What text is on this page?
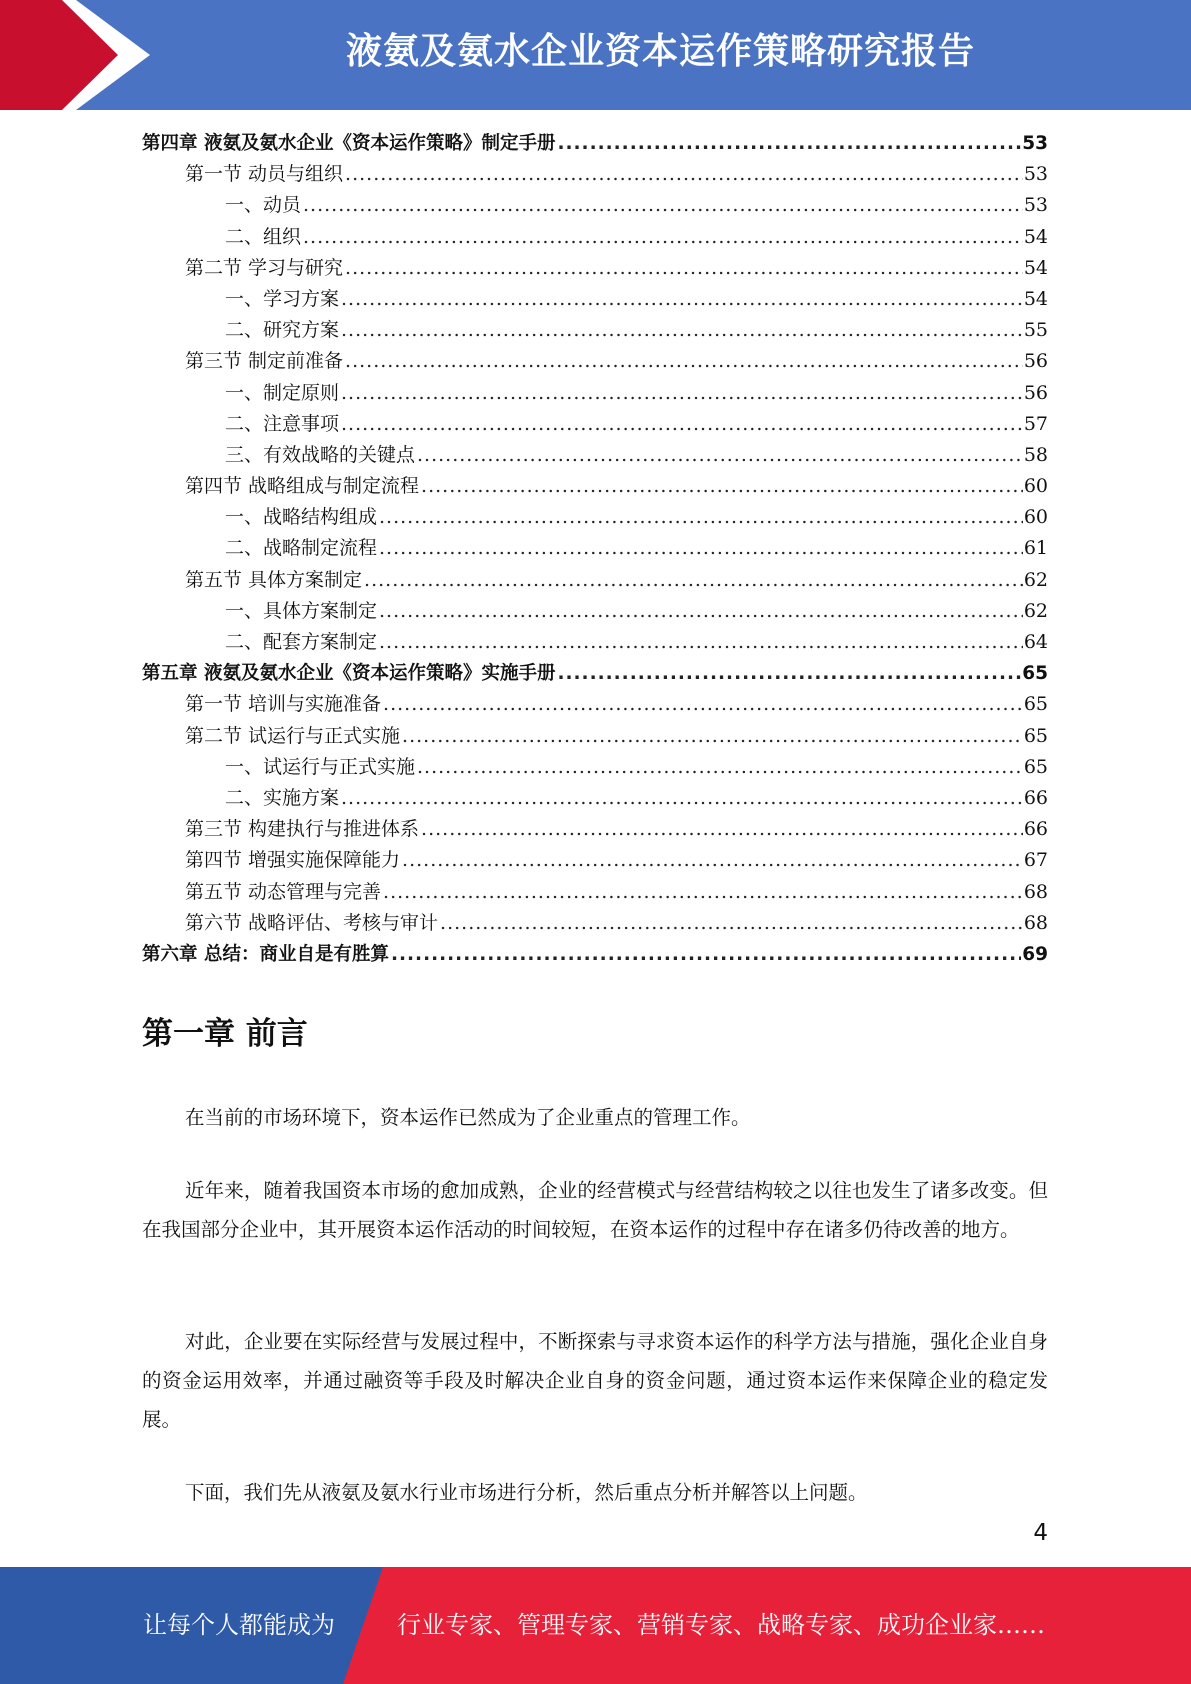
液氨及氨水企业资本运作策略研究报告
第四章 液氨及氨水企业《资本运作策略》制定手册 .....	53
第一节 动员与组织 .....	53
一、动员 .....	53
二、组织 .....	54
第二节 学习与研究 .....	54
一、学习方案 .....	54
二、研究方案 .....	55
第三节 制定前准备 .....	56
一、制定原则 .....	56
二、注意事项 .....	57
三、有效战略的关键点 .....	58
第四节 战略组成与制定流程 .....	60
一、战略结构组成 .....	60
二、战略制定流程 .....	61
第五节 具体方案制定 .....	62
一、具体方案制定 .....	62
二、配套方案制定 .....	64
第五章 液氨及氨水企业《资本运作策略》实施手册 .....	65
第一节 培训与实施准备 .....	65
第二节 试运行与正式实施 .....	65
一、试运行与正式实施 .....	65
二、实施方案 .....	66
第三节 构建执行与推进体系 .....	66
第四节 增强实施保障能力 .....	67
第五节 动态管理与完善 .....	68
第六节 战略评估、考核与审计 .....	68
第六章 总结：商业自是有胜算 .....	69
第一章 前言

在当前的市场环境下，资本运作已然成为了企业重点的管理工作。

近年来，随着我国资本市场的愈加成熟，企业的经营模式与经营结构较之以往也发生了诸多改变。但在我国部分企业中，其开展资本运作活动的时间较短，在资本运作的过程中存在诸多仍待改善的地方。

对此，企业要在实际经营与发展过程中，不断探索与寻求资本运作的科学方法与措施，强化企业自身的资金运用效率，并通过融资等手段及时解决企业自身的资金问题，通过资本运作来保障企业的稳定发展。

下面，我们先从液氨及氨水行业市场进行分析，然后重点分析并解答以上问题。

4
让每个人都能成为	行业专家、管理专家、营销专家、战略专家、成功企业家……
